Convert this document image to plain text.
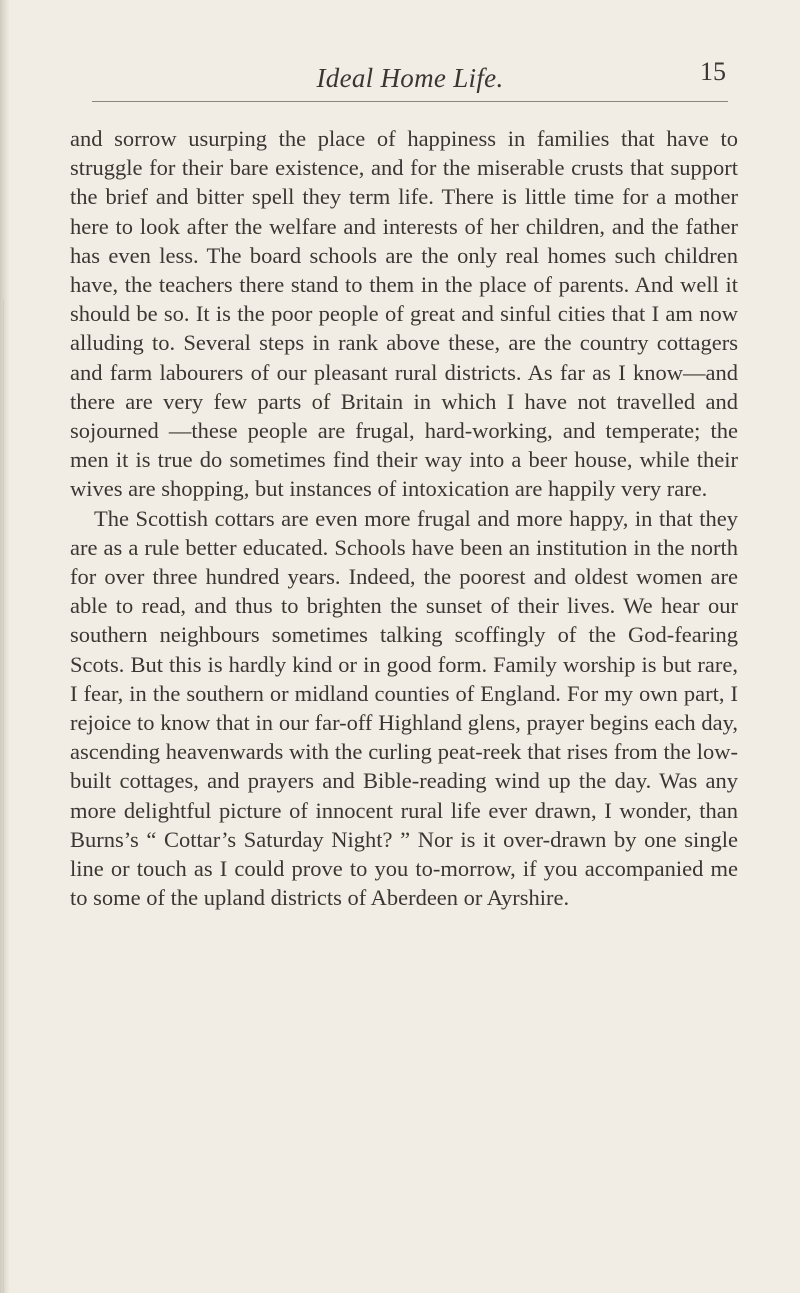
Ideal Home Life.	15

and sorrow usurping the place of happiness in families that have to struggle for their bare existence, and for the miserable crusts that support the brief and bitter spell they term life. There is little time for a mother here to look after the welfare and interests of her children, and the father has even less. The board schools are the only real homes such children have, the teachers there stand to them in the place of parents. And well it should be so. It is the poor people of great and sinful cities that I am now alluding to. Several steps in rank above these, are the country cottagers and farm labourers of our pleasant rural districts. As far as I know—and there are very few parts of Britain in which I have not travelled and sojourned —these people are frugal, hard-working, and temperate; the men it is true do sometimes find their way into a beer house, while their wives are shopping, but instances of intoxication are happily very rare.

The Scottish cottars are even more frugal and more happy, in that they are as a rule better educated. Schools have been an institution in the north for over three hundred years. Indeed, the poorest and oldest women are able to read, and thus to brighten the sunset of their lives. We hear our southern neighbours sometimes talking scoffingly of the God-fearing Scots. But this is hardly kind or in good form. Family worship is but rare, I fear, in the southern or midland counties of England. For my own part, I rejoice to know that in our far-off Highland glens, prayer begins each day, ascending heavenwards with the curling peat-reek that rises from the low-built cottages, and prayers and Bible-reading wind up the day. Was any more delightful picture of innocent rural life ever drawn, I wonder, than Burns’s “ Cottar’s Saturday Night? ” Nor is it over-drawn by one single line or touch as I could prove to you to-morrow, if you accompanied me to some of the upland districts of Aberdeen or Ayrshire.
